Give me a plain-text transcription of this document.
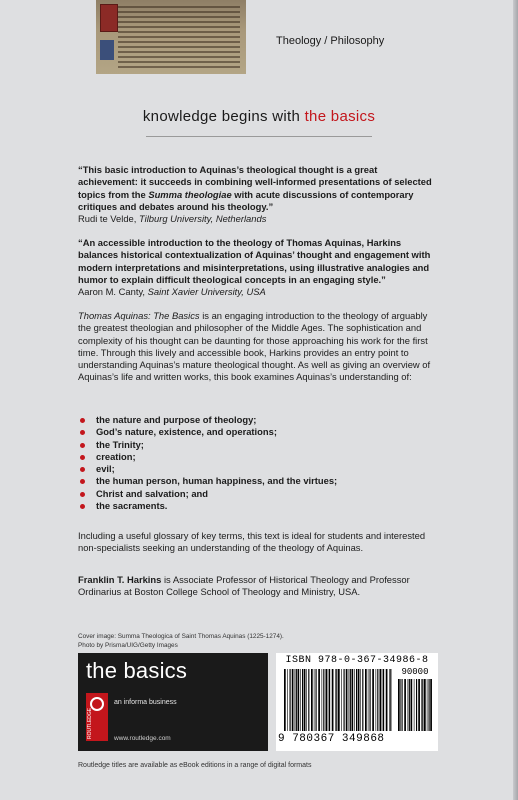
Theology / Philosophy
knowledge begins with the basics
“This basic introduction to Aquinas’s theological thought is a great achievement: it succeeds in combining well-informed presentations of selected topics from the Summa theologiae with acute discussions of contemporary critiques and debates around his theology.”
Rudi te Velde, Tilburg University, Netherlands
“An accessible introduction to the theology of Thomas Aquinas, Harkins balances historical contextualization of Aquinas’ thought and engagement with modern interpretations and misinterpretations, using illustrative analogies and humor to explain difficult theological concepts in an engaging style.”
Aaron M. Canty, Saint Xavier University, USA
Thomas Aquinas: The Basics is an engaging introduction to the theology of arguably the greatest theologian and philosopher of the Middle Ages. The sophistication and complexity of his thought can be daunting for those approaching his work for the first time. Through this lively and accessible book, Harkins provides an entry point to understanding Aquinas’s mature theological thought. As well as giving an overview of Aquinas’s life and written works, this book examines Aquinas’s understanding of:
the nature and purpose of theology;
God’s nature, existence, and operations;
the Trinity;
creation;
evil;
the human person, human happiness, and the virtues;
Christ and salvation; and
the sacraments.
Including a useful glossary of key terms, this text is ideal for students and interested non-specialists seeking an understanding of the theology of Aquinas.
Franklin T. Harkins is Associate Professor of Historical Theology and Professor Ordinarius at Boston College School of Theology and Ministry, USA.
Cover image: Summa Theologica of Saint Thomas Aquinas (1225-1274).
Photo by Prisma/UIG/Getty Images
the basics
ROUTLEDGE
an informa business
www.routledge.com
ISBN 978-0-367-34986-8
90000
9 780367 349868
Routledge titles are available as eBook editions in a range of digital formats
